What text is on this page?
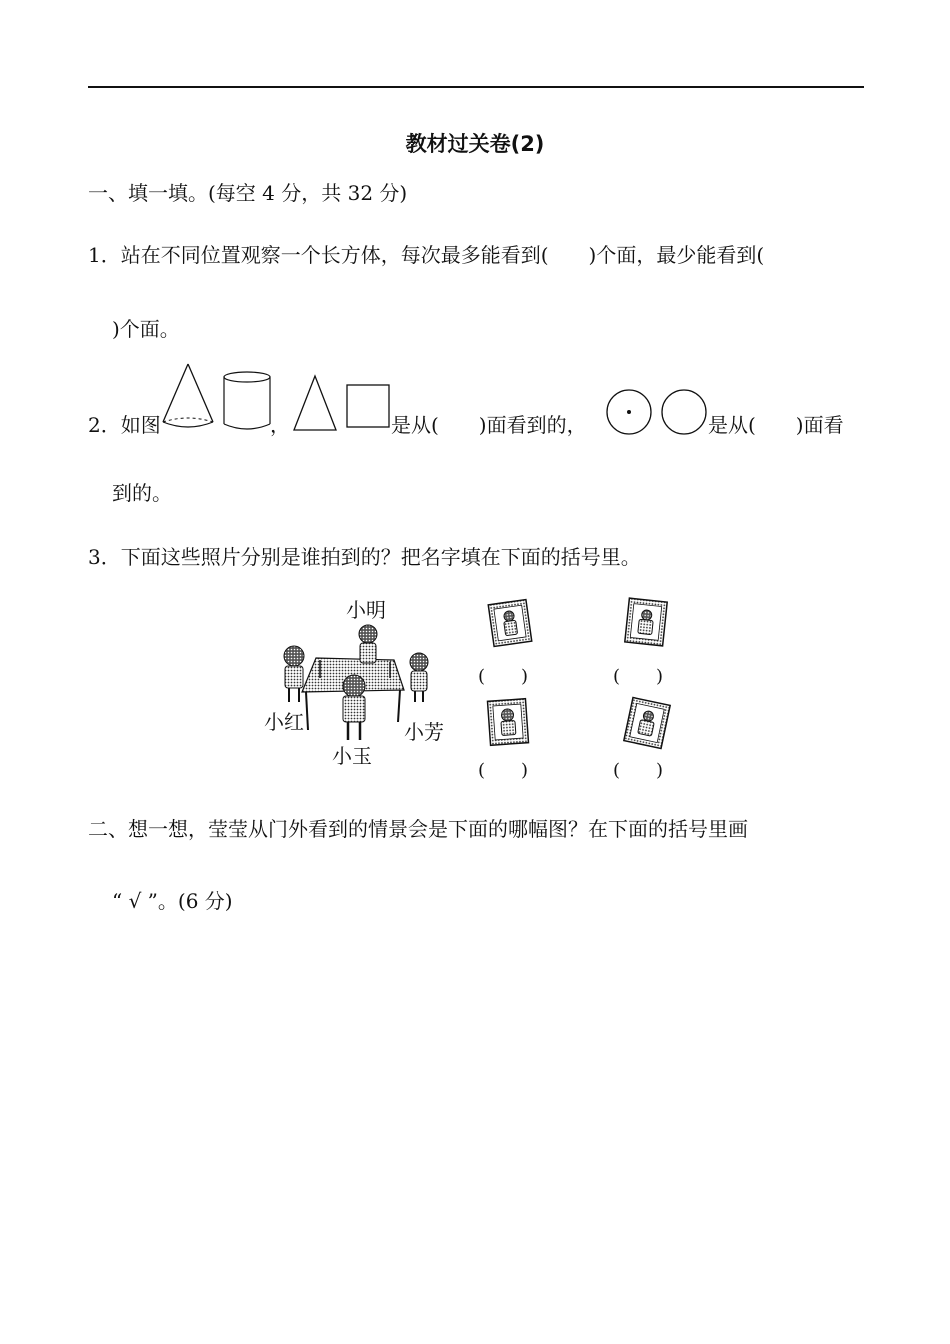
教材过关卷(2)
一、填一填。(每空 4 分，共 32 分)
1．站在不同位置观察一个长方体，每次最多能看到(　　)个面，最少能看到(
)个面。
2．如图	，	是从(　　)面看到的，	是从(　　)面看
到的。
3．下面这些照片分别是谁拍到的？把名字填在下面的括号里。
小明
小红	小芳
小玉
(　　)	(　　)
(　　)	(　　)
二、想一想，莹莹从门外看到的情景会是下面的哪幅图？在下面的括号里画
“ √ ”。(6 分)
